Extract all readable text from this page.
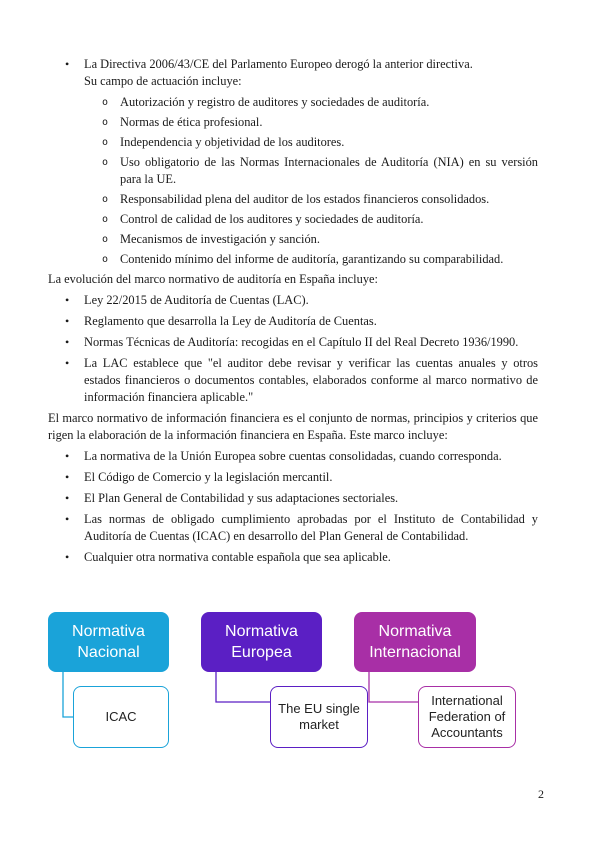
• La Directiva 2006/43/CE del Parlamento Europeo derogó la anterior directiva.

Su campo de actuación incluye:

o Autorización y registro de auditores y sociedades de auditoría.
o Normas de ética profesional.
o Independencia y objetividad de los auditores.
o Uso obligatorio de las Normas Internacionales de Auditoría (NIA) en su versión para la UE.
o Responsabilidad plena del auditor de los estados financieros consolidados.
o Control de calidad de los auditores y sociedades de auditoría.
o Mecanismos de investigación y sanción.
o Contenido mínimo del informe de auditoría, garantizando su comparabilidad.

La evolución del marco normativo de auditoría en España incluye:

• Ley 22/2015 de Auditoría de Cuentas (LAC).
• Reglamento que desarrolla la Ley de Auditoría de Cuentas.
• Normas Técnicas de Auditoría: recogidas en el Capítulo II del Real Decreto 1936/1990.
• La LAC establece que "el auditor debe revisar y verificar las cuentas anuales y otros estados financieros o documentos contables, elaborados conforme al marco normativo de información financiera aplicable."

El marco normativo de información financiera es el conjunto de normas, principios y criterios que rigen la elaboración de la información financiera en España. Este marco incluye:

• La normativa de la Unión Europea sobre cuentas consolidadas, cuando corresponda.
• El Código de Comercio y la legislación mercantil.
• El Plan General de Contabilidad y sus adaptaciones sectoriales.
• Las normas de obligado cumplimiento aprobadas por el Instituto de Contabilidad y Auditoría de Cuentas (ICAC) en desarrollo del Plan General de Contabilidad.
• Cualquier otra normativa contable española que sea aplicable.
Normativa Nacional
Normativa Europea
Normativa Internacional
ICAC
The EU single market
International Federation of Accountants
2
